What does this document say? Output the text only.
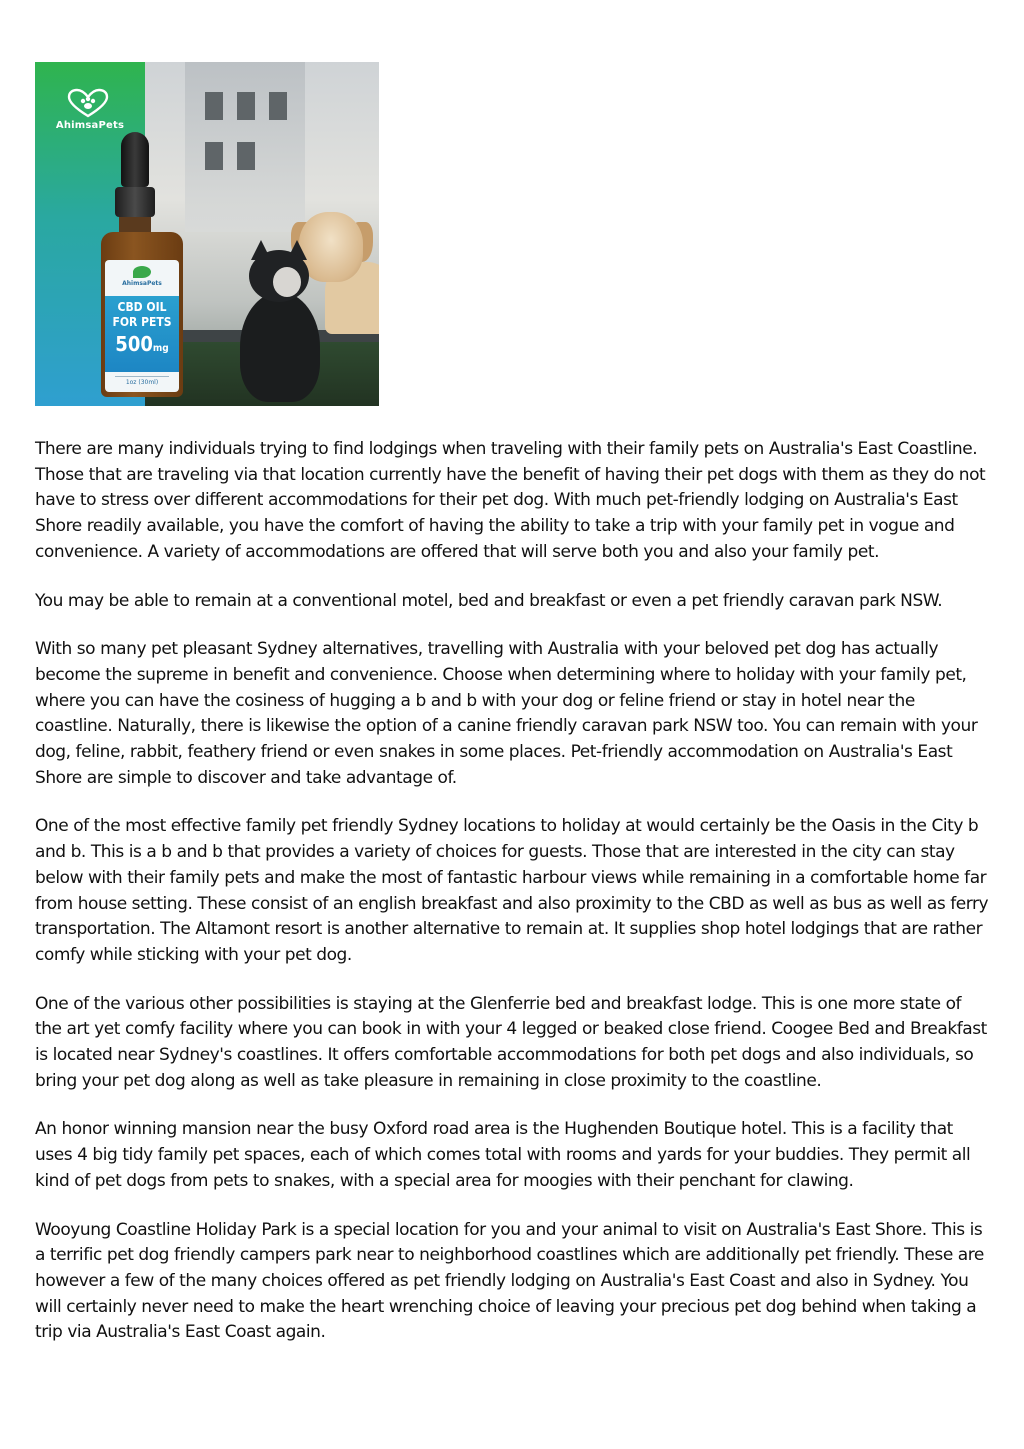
AhimsaPets
AhimsaPets
CBD OIL
FOR PETS
500mg
1oz (30ml)

There are many individuals trying to find lodgings when traveling with their family pets on Australia's East Coastline. Those that are traveling via that location currently have the benefit of having their pet dogs with them as they do not have to stress over different accommodations for their pet dog. With much pet-friendly lodging on Australia's East Shore readily available, you have the comfort of having the ability to take a trip with your family pet in vogue and convenience. A variety of accommodations are offered that will serve both you and also your family pet.

You may be able to remain at a conventional motel, bed and breakfast or even a pet friendly caravan park NSW.

With so many pet pleasant Sydney alternatives, travelling with Australia with your beloved pet dog has actually become the supreme in benefit and convenience. Choose when determining where to holiday with your family pet, where you can have the cosiness of hugging a b and b with your dog or feline friend or stay in hotel near the coastline. Naturally, there is likewise the option of a canine friendly caravan park NSW too. You can remain with your dog, feline, rabbit, feathery friend or even snakes in some places. Pet-friendly accommodation on Australia's East Shore are simple to discover and take advantage of.

One of the most effective family pet friendly Sydney locations to holiday at would certainly be the Oasis in the City b and b. This is a b and b that provides a variety of choices for guests. Those that are interested in the city can stay below with their family pets and make the most of fantastic harbour views while remaining in a comfortable home far from house setting. These consist of an english breakfast and also proximity to the CBD as well as bus as well as ferry transportation. The Altamont resort is another alternative to remain at. It supplies shop hotel lodgings that are rather comfy while sticking with your pet dog.

One of the various other possibilities is staying at the Glenferrie bed and breakfast lodge. This is one more state of the art yet comfy facility where you can book in with your 4 legged or beaked close friend. Coogee Bed and Breakfast is located near Sydney's coastlines. It offers comfortable accommodations for both pet dogs and also individuals, so bring your pet dog along as well as take pleasure in remaining in close proximity to the coastline.

An honor winning mansion near the busy Oxford road area is the Hughenden Boutique hotel. This is a facility that uses 4 big tidy family pet spaces, each of which comes total with rooms and yards for your buddies. They permit all kind of pet dogs from pets to snakes, with a special area for moogies with their penchant for clawing.

Wooyung Coastline Holiday Park is a special location for you and your animal to visit on Australia's East Shore. This is a terrific pet dog friendly campers park near to neighborhood coastlines which are additionally pet friendly. These are however a few of the many choices offered as pet friendly lodging on Australia's East Coast and also in Sydney. You will certainly never need to make the heart wrenching choice of leaving your precious pet dog behind when taking a trip via Australia's East Coast again.
